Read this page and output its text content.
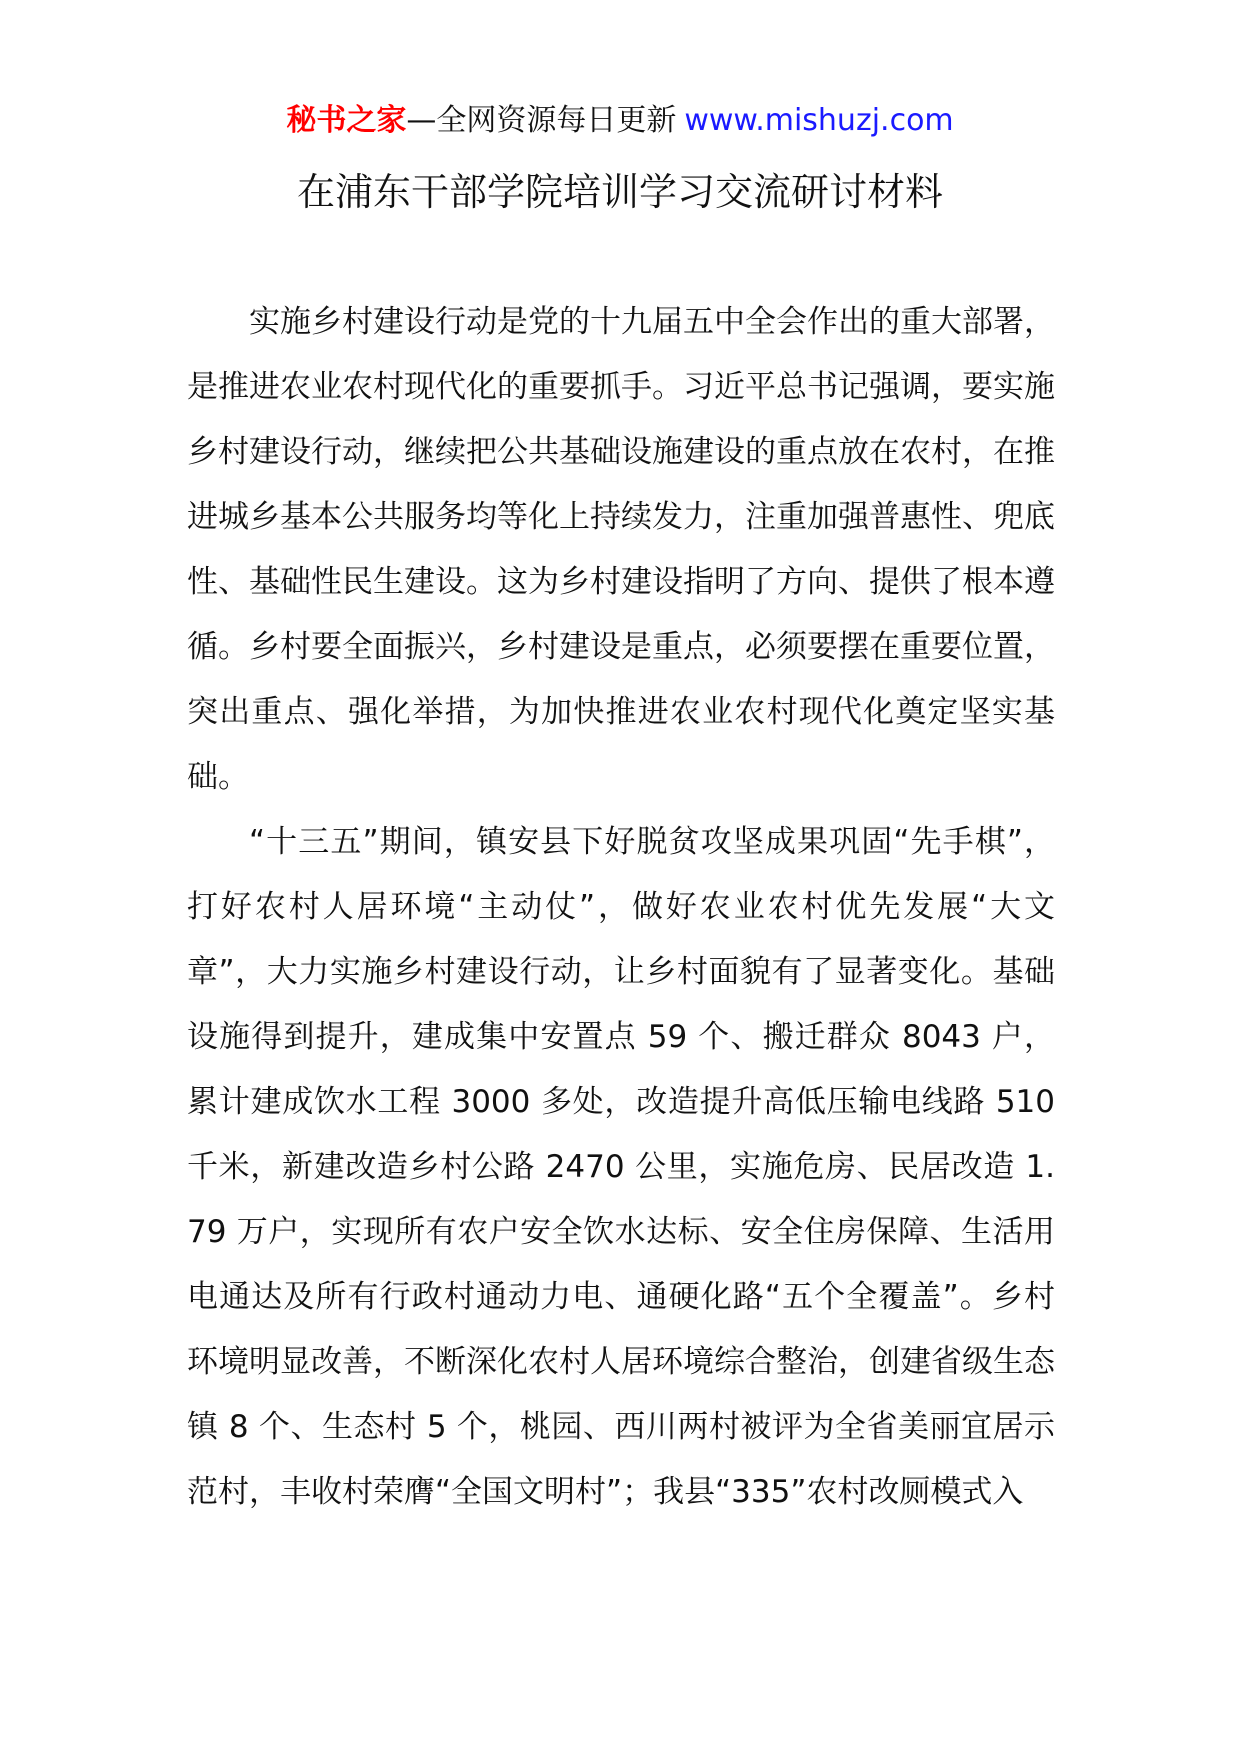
秘书之家—全网资源每日更新 www.mishuzj.com
在浦东干部学院培训学习交流研讨材料

实施乡村建设行动是党的十九届五中全会作出的重大部署，是推进农业农村现代化的重要抓手。习近平总书记强调，要实施乡村建设行动，继续把公共基础设施建设的重点放在农村，在推进城乡基本公共服务均等化上持续发力，注重加强普惠性、兜底性、基础性民生建设。这为乡村建设指明了方向、提供了根本遵循。乡村要全面振兴，乡村建设是重点，必须要摆在重要位置，突出重点、强化举措，为加快推进农业农村现代化奠定坚实基础。

“十三五”期间，镇安县下好脱贫攻坚成果巩固“先手棋”，打好农村人居环境“主动仗”，做好农业农村优先发展“大文章”，大力实施乡村建设行动，让乡村面貌有了显著变化。基础设施得到提升，建成集中安置点 59 个、搬迁群众 8043 户，累计建成饮水工程 3000 多处，改造提升高低压输电线路 510 千米，新建改造乡村公路 2470 公里，实施危房、民居改造 1.79 万户，实现所有农户安全饮水达标、安全住房保障、生活用电通达及所有行政村通动力电、通硬化路“五个全覆盖”。乡村环境明显改善，不断深化农村人居环境综合整治，创建省级生态镇 8 个、生态村 5 个，桃园、西川两村被评为全省美丽宜居示范村，丰收村荣膺“全国文明村”；我县“335”农村改厕模式入
